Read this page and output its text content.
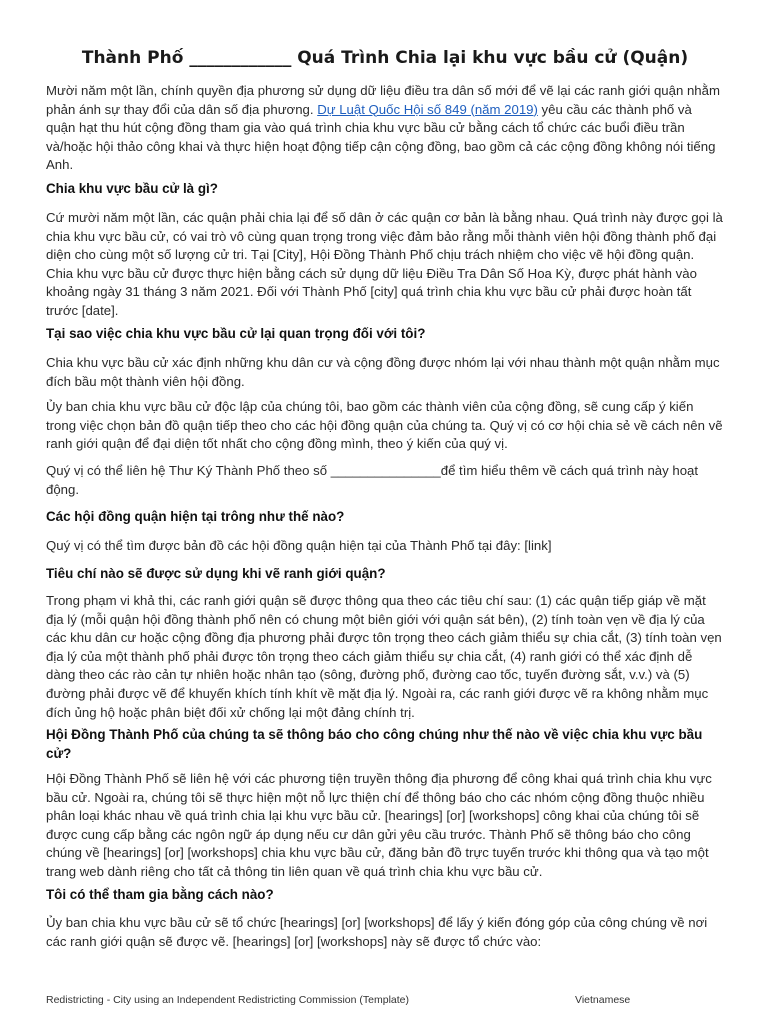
Thành Phố ____________ Quá Trình Chia lại khu vực bầu cử (Quận)

Mười năm một lần, chính quyền địa phương sử dụng dữ liệu điều tra dân số mới để vẽ lại các ranh giới quận nhằm phản ánh sự thay đổi của dân số địa phương. Dự Luật Quốc Hội số 849 (năm 2019) yêu cầu các thành phố và quận hạt thu hút cộng đồng tham gia vào quá trình chia khu vực bầu cử bằng cách tổ chức các buổi điều trần và/hoặc hội thảo công khai và thực hiện hoạt động tiếp cận cộng đồng, bao gồm cả các cộng đồng không nói tiếng Anh.

Chia khu vực bầu cử là gì?

Cứ mười năm một lần, các quận phải chia lại để số dân ở các quận cơ bản là bằng nhau. Quá trình này được gọi là chia khu vực bầu cử, có vai trò vô cùng quan trọng trong việc đảm bảo rằng mỗi thành viên hội đồng thành phố đại diện cho cùng một số lượng cử tri. Tại [City], Hội Đồng Thành Phố chịu trách nhiệm cho việc vẽ hội đồng quận. Chia khu vực bầu cử được thực hiện bằng cách sử dụng dữ liệu Điều Tra Dân Số Hoa Kỳ, được phát hành vào khoảng ngày 31 tháng 3 năm 2021. Đối với Thành Phố [city] quá trình chia khu vực bầu cử phải được hoàn tất trước [date].

Tại sao việc chia khu vực bầu cử lại quan trọng đối với tôi?

Chia khu vực bầu cử xác định những khu dân cư và cộng đồng được nhóm lại với nhau thành một quận nhằm mục đích bầu một thành viên hội đồng.

Ủy ban chia khu vực bầu cử độc lập của chúng tôi, bao gồm các thành viên của cộng đồng, sẽ cung cấp ý kiến trong việc chọn bản đồ quận tiếp theo cho các hội đồng quận của chúng ta. Quý vị có cơ hội chia sẻ về cách nên vẽ ranh giới quận để đại diện tốt nhất cho cộng đồng mình, theo ý kiến của quý vị.

Quý vị có thể liên hệ Thư Ký Thành Phố theo số _______________để tìm hiểu thêm về cách quá trình này hoạt động.

Các hội đồng quận hiện tại trông như thế nào?

Quý vị có thể tìm được bản đồ các hội đồng quận hiện tại của Thành Phố tại đây: [link]

Tiêu chí nào sẽ được sử dụng khi vẽ ranh giới quận?

Trong phạm vi khả thi, các ranh giới quận sẽ được thông qua theo các tiêu chí sau: (1) các quận tiếp giáp về mặt địa lý (mỗi quận hội đồng thành phố nên có chung một biên giới với quận sát bên), (2) tính toàn vẹn về địa lý của các khu dân cư hoặc cộng đồng địa phương phải được tôn trọng theo cách giảm thiểu sự chia cắt, (3) tính toàn vẹn địa lý của một thành phố phải được tôn trọng theo cách giảm thiểu sự chia cắt, (4) ranh giới có thể xác định dễ dàng theo các rào cản tự nhiên hoặc nhân tạo (sông, đường phố, đường cao tốc, tuyến đường sắt, v.v.) và (5) đường phải được vẽ để khuyến khích tính khít về mặt địa lý. Ngoài ra, các ranh giới được vẽ ra không nhằm mục đích ủng hộ hoặc phân biệt đối xử chống lại một đảng chính trị.

Hội Đồng Thành Phố của chúng ta sẽ thông báo cho công chúng như thế nào về việc chia khu vực bầu cử?

Hội Đồng Thành Phố sẽ liên hệ với các phương tiện truyền thông địa phương để công khai quá trình chia khu vực bầu cử. Ngoài ra, chúng tôi sẽ thực hiện một nỗ lực thiện chí để thông báo cho các nhóm cộng đồng thuộc nhiều phân loại khác nhau về quá trình chia lại khu vực bầu cử. [hearings] [or] [workshops] công khai của chúng tôi sẽ được cung cấp bằng các ngôn ngữ áp dụng nếu cư dân gửi yêu cầu trước. Thành Phố sẽ thông báo cho công chúng về [hearings] [or] [workshops] chia khu vực bầu cử, đăng bản đồ trực tuyến trước khi thông qua và tạo một trang web dành riêng cho tất cả thông tin liên quan về quá trình chia khu vực bầu cử.

Tôi có thể tham gia bằng cách nào?

Ủy ban chia khu vực bầu cử sẽ tổ chức [hearings] [or] [workshops] để lấy ý kiến đóng góp của công chúng về nơi các ranh giới quận sẽ được vẽ. [hearings] [or] [workshops] này sẽ được tổ chức vào:

Redistricting - City using an Independent Redistricting Commission (Template)	Vietnamese
